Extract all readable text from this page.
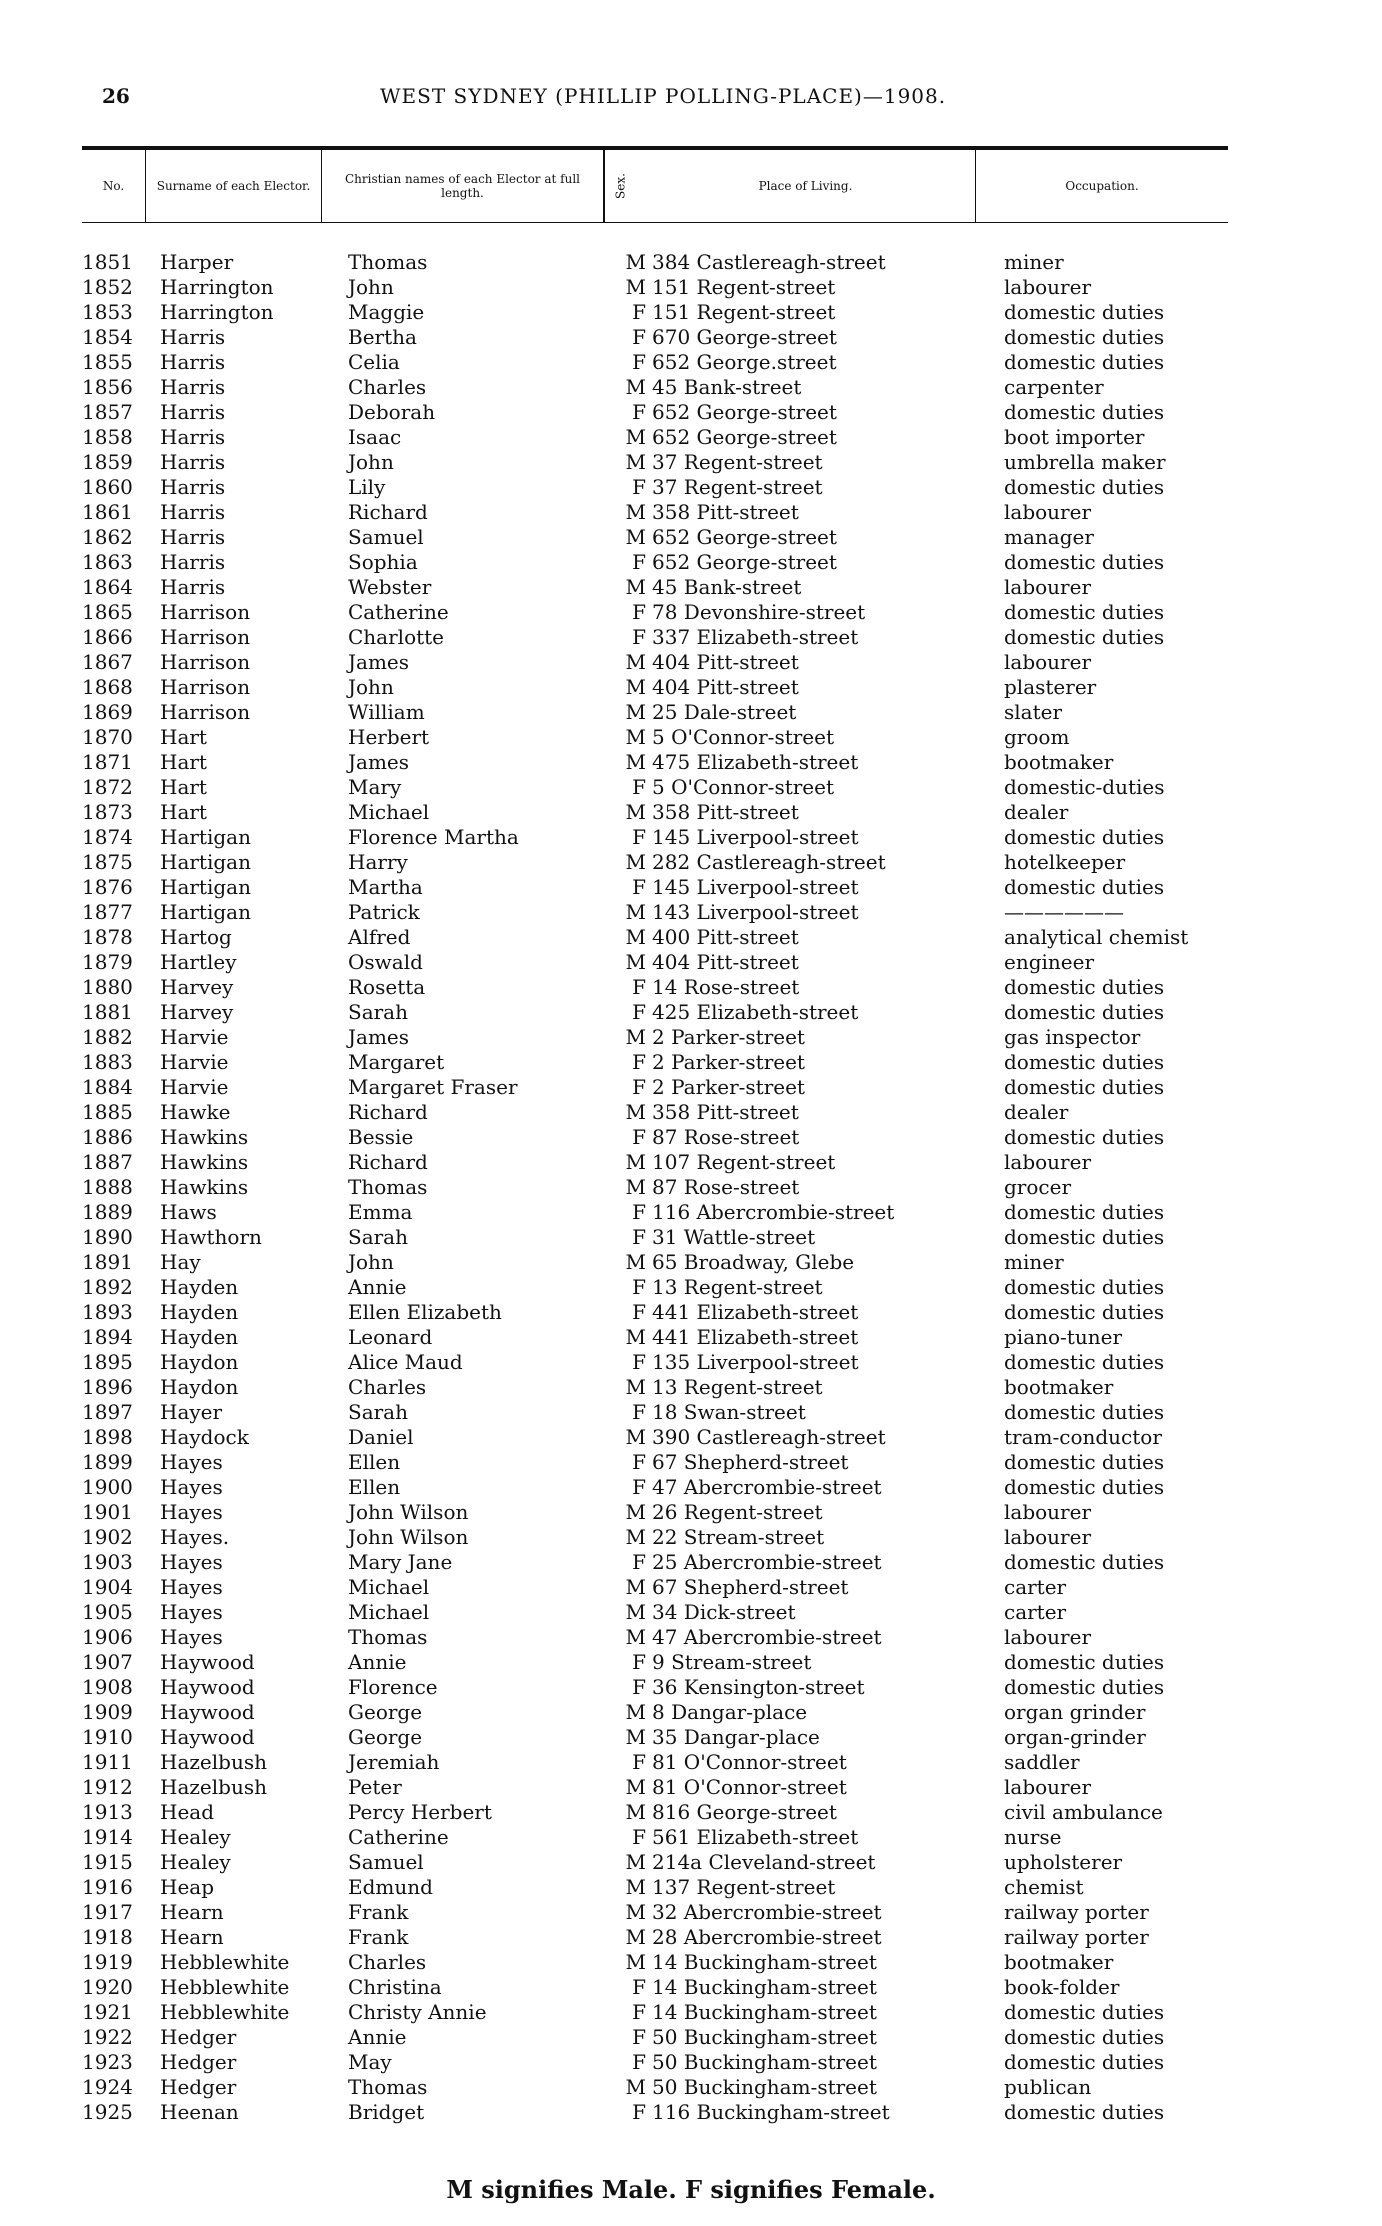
26	WEST SYDNEY (PHILLIP POLLING-PLACE)—1908.
No.	Surname of each Elector.	Christian names of each Elector at full length.	Sex.	Place of Living.	Occupation.
1851	Harper	Thomas	M 384 Castlereagh-street	miner
1852	Harrington	John	M 151 Regent-street	labourer
1853	Harrington	Maggie	F 151 Regent-street	domestic duties
1854	Harris	Bertha	F 670 George-street	domestic duties
1855	Harris	Celia	F 652 George.street	domestic duties
1856	Harris	Charles	M 45 Bank-street	carpenter
1857	Harris	Deborah	F 652 George-street	domestic duties
1858	Harris	Isaac	M 652 George-street	boot importer
1859	Harris	John	M 37 Regent-street	umbrella maker
1860	Harris	Lily	F 37 Regent-street	domestic duties
1861	Harris	Richard	M 358 Pitt-street	labourer
1862	Harris	Samuel	M 652 George-street	manager
1863	Harris	Sophia	F 652 George-street	domestic duties
1864	Harris	Webster	M 45 Bank-street	labourer
1865	Harrison	Catherine	F 78 Devonshire-street	domestic duties
1866	Harrison	Charlotte	F 337 Elizabeth-street	domestic duties
1867	Harrison	James	M 404 Pitt-street	labourer
1868	Harrison	John	M 404 Pitt-street	plasterer
1869	Harrison	William	M 25 Dale-street	slater
1870	Hart	Herbert	M 5 O'Connor-street	groom
1871	Hart	James	M 475 Elizabeth-street	bootmaker
1872	Hart	Mary	F 5 O'Connor-street	domestic-duties
1873	Hart	Michael	M 358 Pitt-street	dealer
1874	Hartigan	Florence Martha	F 145 Liverpool-street	domestic duties
1875	Hartigan	Harry	M 282 Castlereagh-street	hotelkeeper
1876	Hartigan	Martha	F 145 Liverpool-street	domestic duties
1877	Hartigan	Patrick	M 143 Liverpool-street	——————
1878	Hartog	Alfred	M 400 Pitt-street	analytical chemist
1879	Hartley	Oswald	M 404 Pitt-street	engineer
1880	Harvey	Rosetta	F 14 Rose-street	domestic duties
1881	Harvey	Sarah	F 425 Elizabeth-street	domestic duties
1882	Harvie	James	M 2 Parker-street	gas inspector
1883	Harvie	Margaret	F 2 Parker-street	domestic duties
1884	Harvie	Margaret Fraser	F 2 Parker-street	domestic duties
1885	Hawke	Richard	M 358 Pitt-street	dealer
1886	Hawkins	Bessie	F 87 Rose-street	domestic duties
1887	Hawkins	Richard	M 107 Regent-street	labourer
1888	Hawkins	Thomas	M 87 Rose-street	grocer
1889	Haws	Emma	F 116 Abercrombie-street	domestic duties
1890	Hawthorn	Sarah	F 31 Wattle-street	domestic duties
1891	Hay	John	M 65 Broadway, Glebe	miner
1892	Hayden	Annie	F 13 Regent-street	domestic duties
1893	Hayden	Ellen Elizabeth	F 441 Elizabeth-street	domestic duties
1894	Hayden	Leonard	M 441 Elizabeth-street	piano-tuner
1895	Haydon	Alice Maud	F 135 Liverpool-street	domestic duties
1896	Haydon	Charles	M 13 Regent-street	bootmaker
1897	Hayer	Sarah	F 18 Swan-street	domestic duties
1898	Haydock	Daniel	M 390 Castlereagh-street	tram-conductor
1899	Hayes	Ellen	F 67 Shepherd-street	domestic duties
1900	Hayes	Ellen	F 47 Abercrombie-street	domestic duties
1901	Hayes	John Wilson	M 26 Regent-street	labourer
1902	Hayes.	John Wilson	M 22 Stream-street	labourer
1903	Hayes	Mary Jane	F 25 Abercrombie-street	domestic duties
1904	Hayes	Michael	M 67 Shepherd-street	carter
1905	Hayes	Michael	M 34 Dick-street	carter
1906	Hayes	Thomas	M 47 Abercrombie-street	labourer
1907	Haywood	Annie	F 9 Stream-street	domestic duties
1908	Haywood	Florence	F 36 Kensington-street	domestic duties
1909	Haywood	George	M 8 Dangar-place	organ grinder
1910	Haywood	George	M 35 Dangar-place	organ-grinder
1911	Hazelbush	Jeremiah	F 81 O'Connor-street	saddler
1912	Hazelbush	Peter	M 81 O'Connor-street	labourer
1913	Head	Percy Herbert	M 816 George-street	civil ambulance
1914	Healey	Catherine	F 561 Elizabeth-street	nurse
1915	Healey	Samuel	M 214a Cleveland-street	upholsterer
1916	Heap	Edmund	M 137 Regent-street	chemist
1917	Hearn	Frank	M 32 Abercrombie-street	railway porter
1918	Hearn	Frank	M 28 Abercrombie-street	railway porter
1919	Hebblewhite	Charles	M 14 Buckingham-street	bootmaker
1920	Hebblewhite	Christina	F 14 Buckingham-street	book-folder
1921	Hebblewhite	Christy Annie	F 14 Buckingham-street	domestic duties
1922	Hedger	Annie	F 50 Buckingham-street	domestic duties
1923	Hedger	May	F 50 Buckingham-street	domestic duties
1924	Hedger	Thomas	M 50 Buckingham-street	publican
1925	Heenan	Bridget	F 116 Buckingham-street	domestic duties
M signifies Male. F signifies Female.
